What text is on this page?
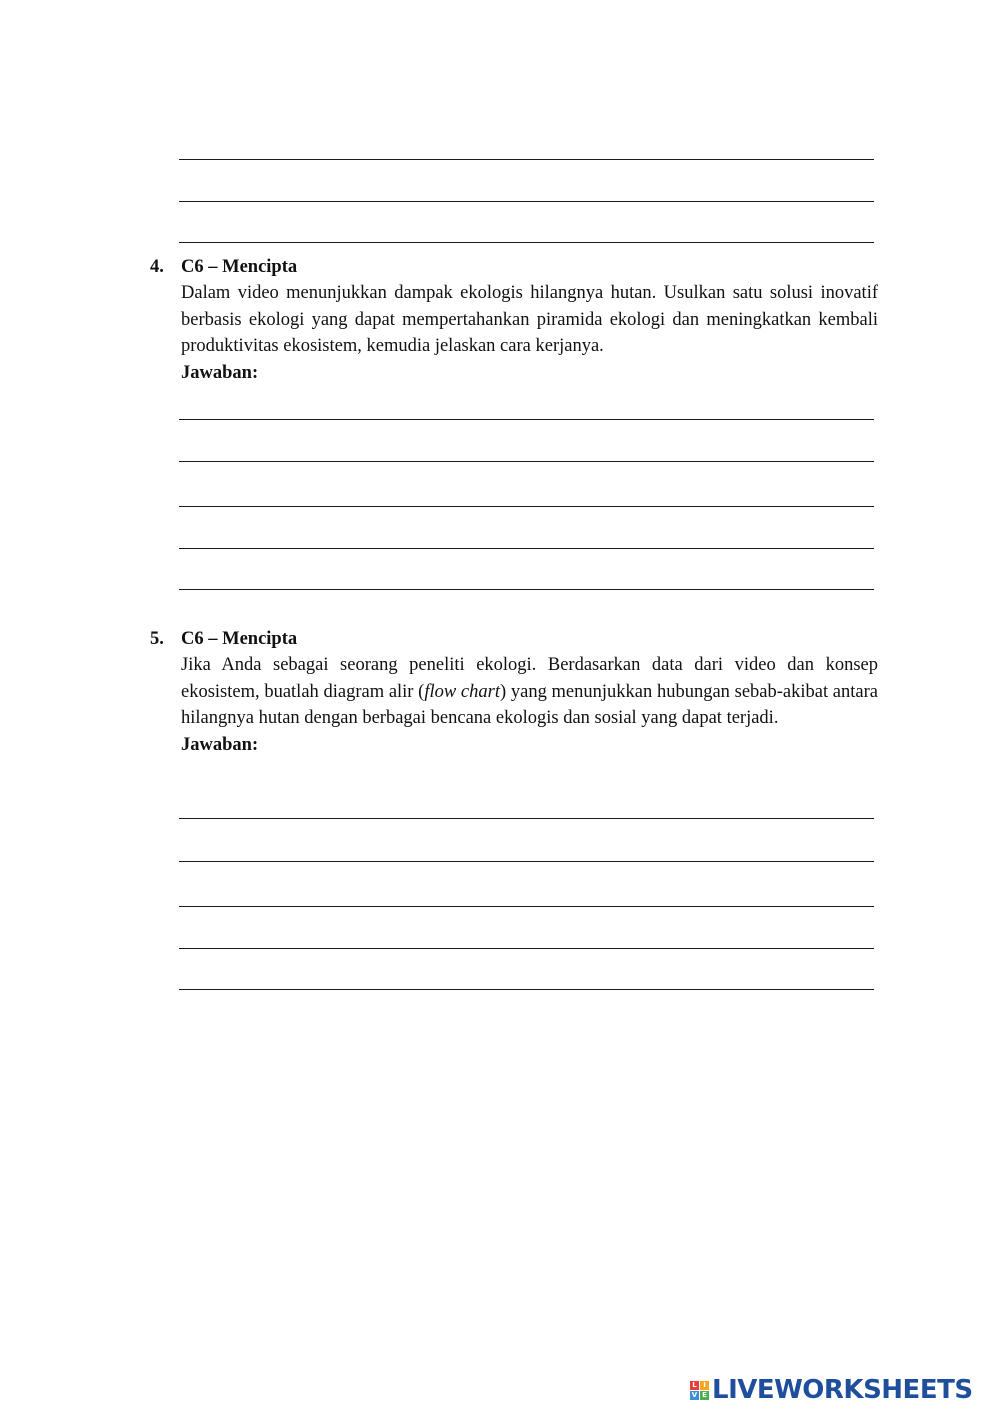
4. C6 – Mencipta
Dalam video menunjukkan dampak ekologis hilangnya hutan. Usulkan satu solusi inovatif berbasis ekologi yang dapat mempertahankan piramida ekologi dan meningkatkan kembali produktivitas ekosistem, kemudia jelaskan cara kerjanya.
Jawaban:
5. C6 – Mencipta
Jika Anda sebagai seorang peneliti ekologi. Berdasarkan data dari video dan konsep ekosistem, buatlah diagram alir (flow chart) yang menunjukkan hubungan sebab-akibat antara hilangnya hutan dengan berbagai bencana ekologis dan sosial yang dapat terjadi.
Jawaban:
L I
V E LIVEWORKSHEETS
